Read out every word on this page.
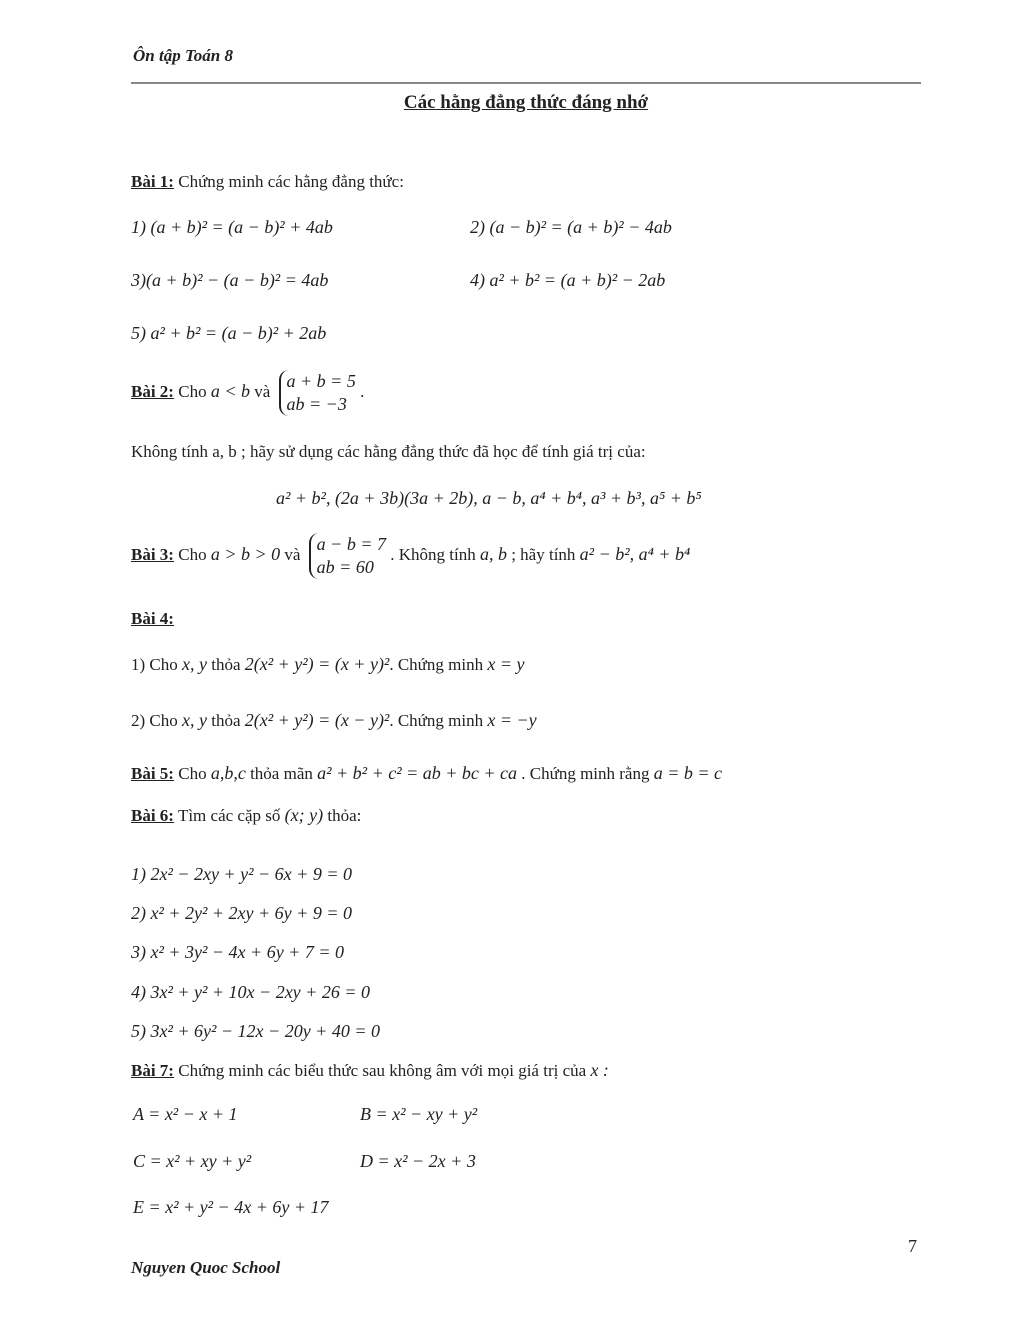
Ôn tập Toán 8
Các hằng đẳng thức đáng nhớ
Bài 1: Chứng minh các hằng đẳng thức:
1) (a + b)² = (a − b)² + 4ab	2) (a − b)² = (a + b)² − 4ab
3)(a + b)² − (a − b)² = 4ab	4) a² + b² = (a + b)² − 2ab
5) a² + b² = (a − b)² + 2ab
Bài 2: Cho a < b và a + b = 5
ab = −3 .
Không tính a, b ; hãy sử dụng các hằng đẳng thức đã học để tính giá trị của:
a² + b², (2a + 3b)(3a + 2b), a − b, a⁴ + b⁴, a³ + b³, a⁵ + b⁵
Bài 3: Cho a > b > 0 và a − b = 7
ab = 60 . Không tính a, b ; hãy tính a² − b², a⁴ + b⁴
Bài 4:
1) Cho x, y thỏa 2(x² + y²) = (x + y)². Chứng minh x = y
2) Cho x, y thỏa 2(x² + y²) = (x − y)². Chứng minh x = −y
Bài 5: Cho a,b,c thỏa mãn a² + b² + c² = ab + bc + ca . Chứng minh rằng a = b = c
Bài 6: Tìm các cặp số (x; y) thỏa:
1) 2x² − 2xy + y² − 6x + 9 = 0
2) x² + 2y² + 2xy + 6y + 9 = 0
3) x² + 3y² − 4x + 6y + 7 = 0
4) 3x² + y² + 10x − 2xy + 26 = 0
5) 3x² + 6y² − 12x − 20y + 40 = 0
Bài 7: Chứng minh các biểu thức sau không âm với mọi giá trị của x :
A = x² − x + 1	B = x² − xy + y²
C = x² + xy + y²	D = x² − 2x + 3
E = x² + y² − 4x + 6y + 17
7
Nguyen Quoc School
